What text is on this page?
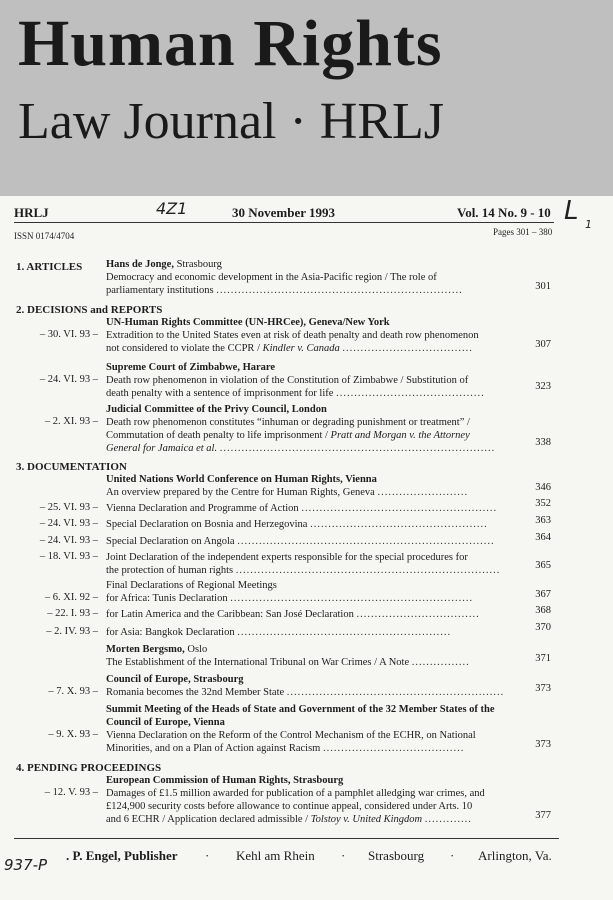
Human Rights
Law Journal · HRLJ
HRLJ	4Z1	30 November 1993	Vol. 14 No. 9 - 10 L 1
ISSN 0174/4704	Pages 301 – 380
1. ARTICLES Hans de Jonge, Strasbourg
Democracy and economic development in the Asia-Pacific region / The role of
parliamentary institutions ....................................................................	301
2. DECISIONS and REPORTS
UN-Human Rights Committee (UN-HRCee), Geneva/New York
– 30. VI. 93 – Extradition to the United States even at risk of death penalty and death row phenomenon
not considered to violate the CCPR / Kindler v. Canada ....................................	307
Supreme Court of Zimbabwe, Harare
– 24. VI. 93 – Death row phenomenon in violation of the Constitution of Zimbabwe / Substitution of
death penalty with a sentence of imprisonment for life .........................................
323
Judicial Committee of the Privy Council, London
– 2. XI. 93 – Death row phenomenon constitutes “inhuman or degrading punishment or treatment” /
Commutation of death penalty to life imprisonment / Pratt and Morgan v. the Attorney
General for Jamaica et al. ............................................................................
338
3. DOCUMENTATION
United Nations World Conference on Human Rights, Vienna
An overview prepared by the Centre for Human Rights, Geneva .........................	346
– 25. VI. 93 – Vienna Declaration and Programme of Action ......................................................	352
– 24. VI. 93 – Special Declaration on Bosnia and Herzegovina .................................................	363
– 24. VI. 93 – Special Declaration on Angola .......................................................................	364
– 18. VI. 93 – Joint Declaration of the independent experts responsible for the special procedures for
the protection of human rights .........................................................................	365
Final Declarations of Regional Meetings
– 6. XI. 92 – for Africa: Tunis Declaration ...................................................................	367
– 22. I. 93 – for Latin America and the Caribbean: San José Declaration ..................................	368
– 2. IV. 93 – for Asia: Bangkok Declaration ...........................................................	370
Morten Bergsmo, Oslo
The Establishment of the International Tribunal on War Crimes / A Note ................	371
Council of Europe, Strasbourg
– 7. X. 93 – Romania becomes the 32nd Member State ............................................................	373
Summit Meeting of the Heads of State and Government of the 32 Member States of the
Council of Europe, Vienna
– 9. X. 93 – Vienna Declaration on the Reform of the Control Mechanism of the ECHR, on National
Minorities, and on a Plan of Action against Racism .......................................	373
4. PENDING PROCEEDINGS
European Commission of Human Rights, Strasbourg
– 12. V. 93 – Damages of £1.5 million awarded for publication of a pamphlet alledging war crimes, and
£124,900 security costs before allowance to continue appeal, considered under Arts. 10
and 6 ECHR / Application declared admissible / Tolstoy v. United Kingdom .............	377
937-P
. P. Engel, Publisher · Kehl am Rhein · Strasbourg · Arlington, Va.
